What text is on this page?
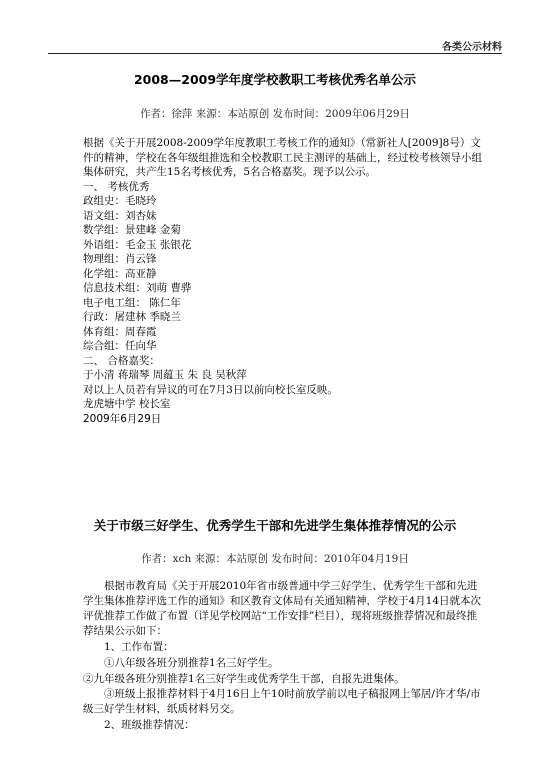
各类公示材料
2008—2009学年度学校教职工考核优秀名单公示
作者：徐萍 来源：本站原创 发布时间：2009年06月29日
根据《关于开展2008-2009学年度教职工考核工作的通知》（常新社人[2009]8号）文件的精神，学校在各年级组推选和全校教职工民主测评的基础上，经过校考核领导小组集体研究，共产生15名考核优秀，5名合格嘉奖。现予以公示。
一、 考核优秀
政组史：毛晓玲
语文组：刘杏妹
数学组：景建峰 金菊
外语组：毛金玉 张银花
物理组：肖云锋
化学组：高亚静
信息技术组：刘萌 曹骅
电子电工组： 陈仁年
行政：屠建林 季晓兰
体育组：周春霞
综合组：任向华
二、 合格嘉奖：
于小清 蒋瑞琴 周蕴玉 朱 良 吴秋萍
对以上人员若有异议的可在7月3日以前向校长室反映。
龙虎塘中学 校长室
2009年6月29日
关于市级三好学生、优秀学生干部和先进学生集体推荐情况的公示
作者：xch 来源：本站原创 发布时间：2010年04月19日

根据市教育局《关于开展2010年省市级普通中学三好学生、优秀学生干部和先进学生集体推荐评选工作的通知》和区教育文体局有关通知精神，学校于4月14日就本次评优推荐工作做了布置（详见学校网站“工作安排”栏目），现将班级推荐情况和最终推荐结果公示如下：

1、工作布置：
①八年级各班分别推荐1名三好学生。
②九年级各班分别推荐1名三好学生或优秀学生干部，自报先进集体。

③班级上报推荐材料于4月16日上午10时前放学前以电子稿报网上邹居/许才华/市级三好学生材料，纸质材料另交。

2、班级推荐情况：
